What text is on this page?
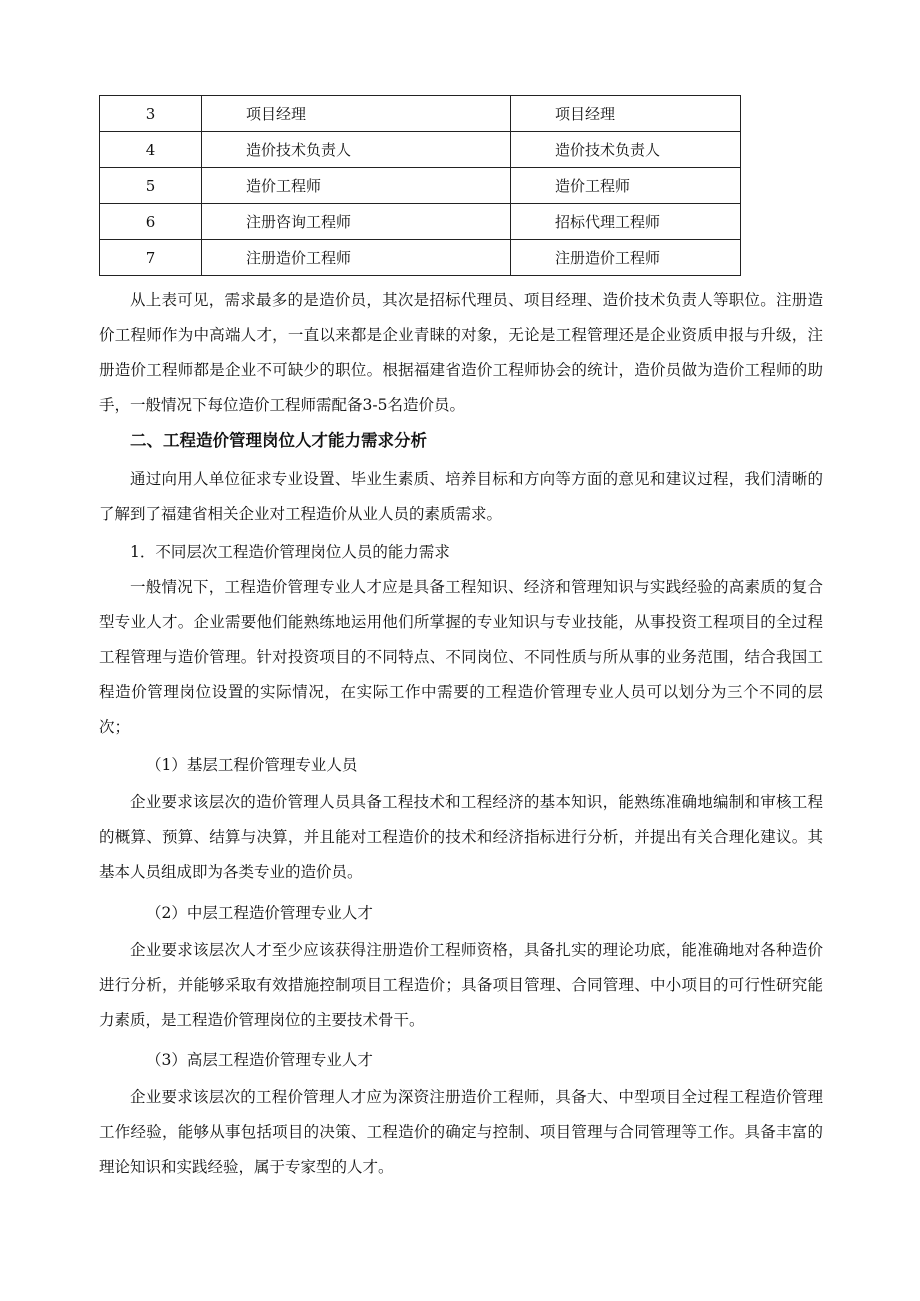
3	项目经理	项目经理
4	造价技术负责人	造价技术负责人
5	造价工程师	造价工程师
6	注册咨询工程师	招标代理工程师
7	注册造价工程师	注册造价工程师

从上表可见，需求最多的是造价员，其次是招标代理员、项目经理、造价技术负责人等职位。注册造价工程师作为中高端人才，一直以来都是企业青睐的对象，无论是工程管理还是企业资质申报与升级，注册造价工程师都是企业不可缺少的职位。根据福建省造价工程师协会的统计，造价员做为造价工程师的助手，一般情况下每位造价工程师需配备3-5名造价员。

二、工程造价管理岗位人才能力需求分析

通过向用人单位征求专业设置、毕业生素质、培养目标和方向等方面的意见和建议过程，我们清晰的了解到了福建省相关企业对工程造价从业人员的素质需求。

1．不同层次工程造价管理岗位人员的能力需求

一般情况下，工程造价管理专业人才应是具备工程知识、经济和管理知识与实践经验的高素质的复合型专业人才。企业需要他们能熟练地运用他们所掌握的专业知识与专业技能，从事投资工程项目的全过程工程管理与造价管理。针对投资项目的不同特点、不同岗位、不同性质与所从事的业务范围，结合我国工程造价管理岗位设置的实际情况，在实际工作中需要的工程造价管理专业人员可以划分为三个不同的层次；

（1）基层工程价管理专业人员

企业要求该层次的造价管理人员具备工程技术和工程经济的基本知识，能熟练准确地编制和审核工程的概算、预算、结算与决算，并且能对工程造价的技术和经济指标进行分析，并提出有关合理化建议。其基本人员组成即为各类专业的造价员。

（2）中层工程造价管理专业人才

企业要求该层次人才至少应该获得注册造价工程师资格，具备扎实的理论功底，能准确地对各种造价进行分析，并能够采取有效措施控制项目工程造价；具备项目管理、合同管理、中小项目的可行性研究能力素质，是工程造价管理岗位的主要技术骨干。

（3）高层工程造价管理专业人才

企业要求该层次的工程价管理人才应为深资注册造价工程师，具备大、中型项目全过程工程造价管理工作经验，能够从事包括项目的决策、工程造价的确定与控制、项目管理与合同管理等工作。具备丰富的理论知识和实践经验，属于专家型的人才。
